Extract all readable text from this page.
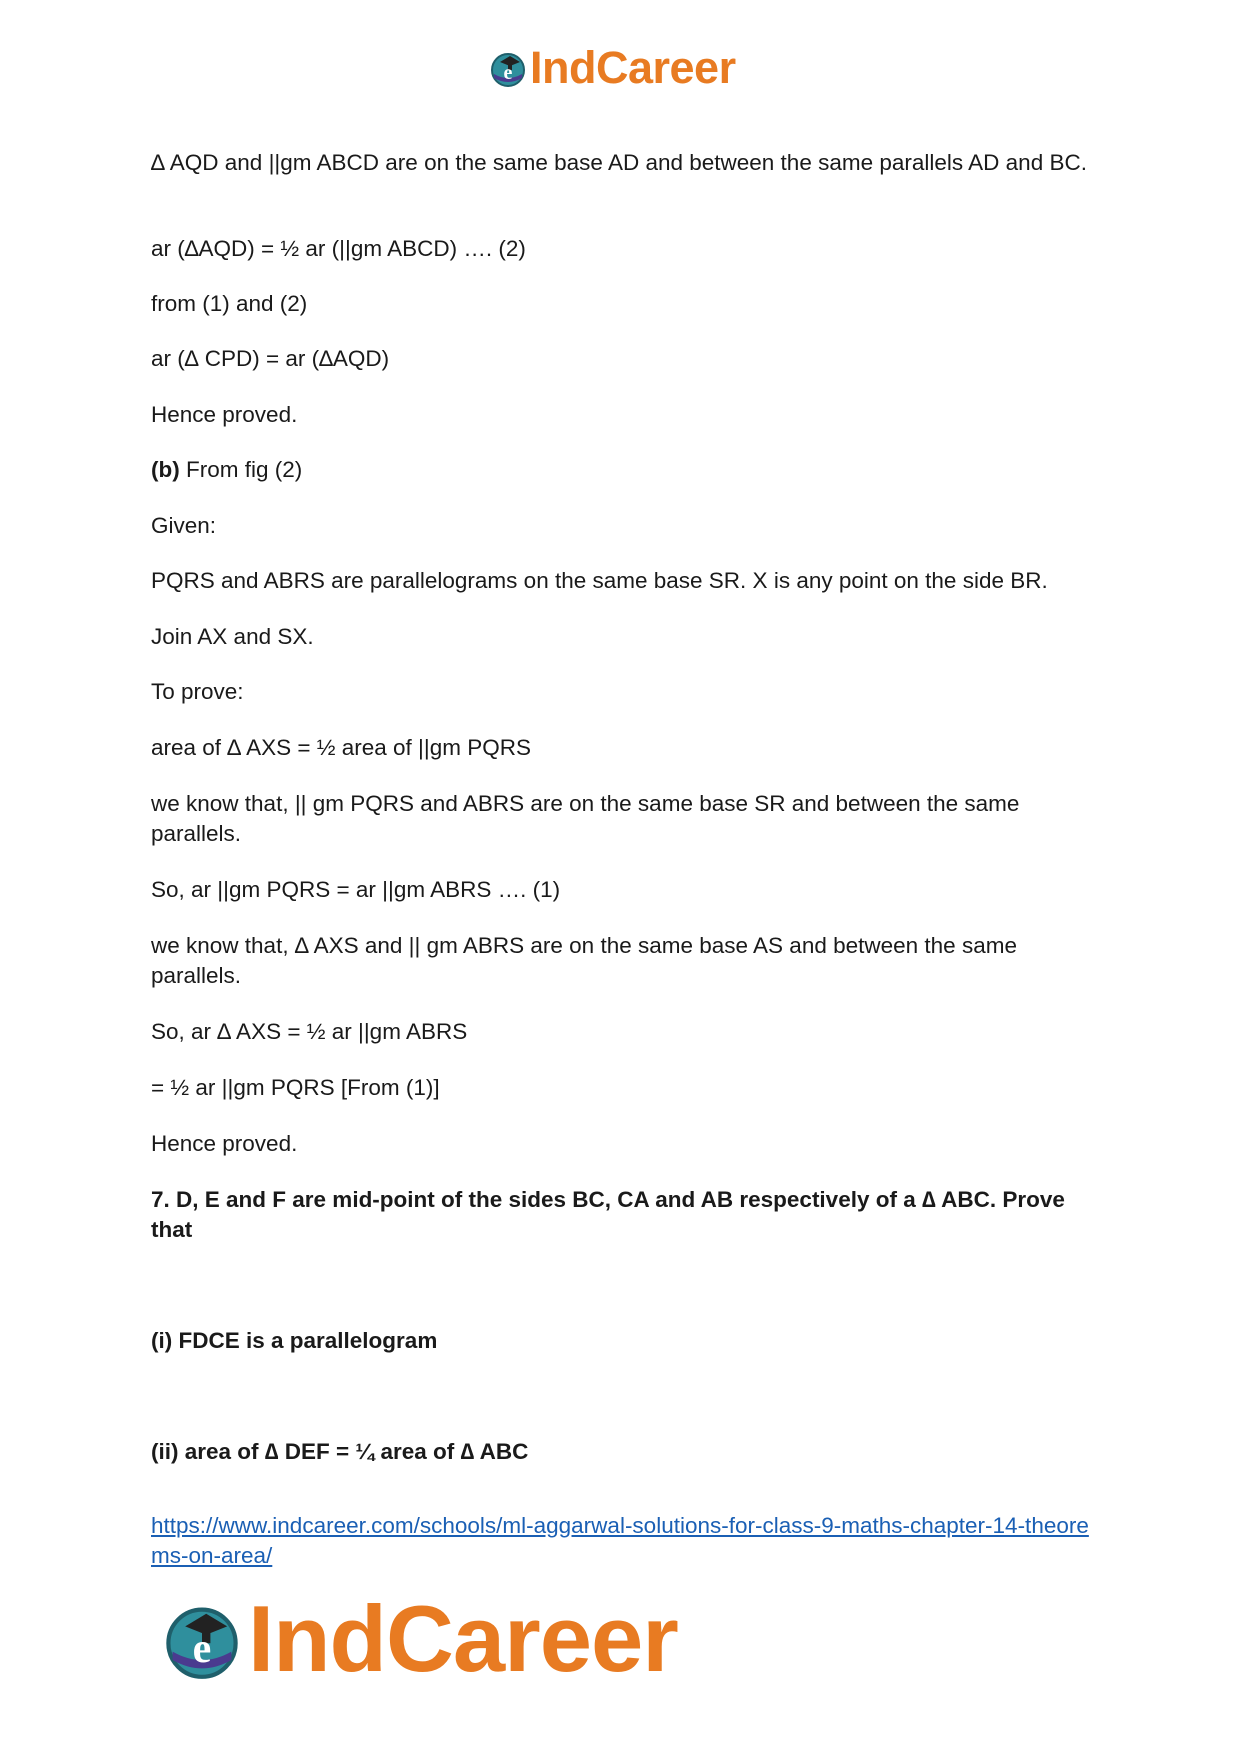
e IndCareer

∆ AQD and ||gm ABCD are on the same base AD and between the same parallels AD and BC.

ar (∆AQD) = ½ ar (||gm ABCD) …. (2)

from (1) and (2)

ar (∆ CPD) = ar (∆AQD)

Hence proved.

(b) From fig (2)

Given:

PQRS and ABRS are parallelograms on the same base SR. X is any point on the side BR.

Join AX and SX.

To prove:

area of ∆ AXS = ½ area of ||gm PQRS

we know that, || gm PQRS and ABRS are on the same base SR and between the same parallels.

So, ar ||gm PQRS = ar ||gm ABRS …. (1)

we know that, ∆ AXS and || gm ABRS are on the same base AS and between the same parallels.

So, ar ∆ AXS = ½ ar ||gm ABRS

= ½ ar ||gm PQRS [From (1)]

Hence proved.

7. D, E and F are mid-point of the sides BC, CA and AB respectively of a ∆ ABC. Prove that

(i) FDCE is a parallelogram

(ii) area of ∆ DEF = ¼ area of ∆ ABC

https://www.indcareer.com/schools/ml-aggarwal-solutions-for-class-9-maths-chapter-14-theorems-on-area/
e IndCareer
